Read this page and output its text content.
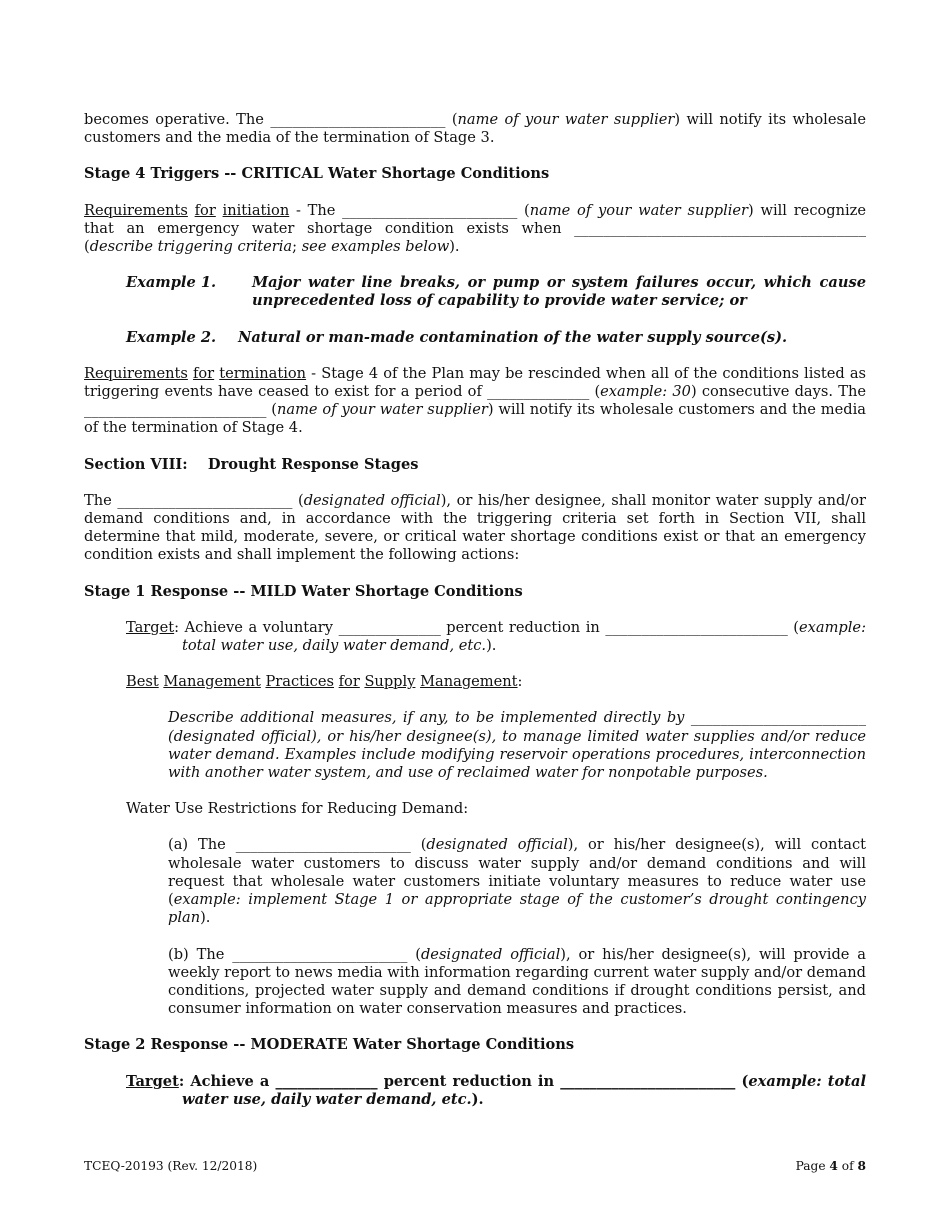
becomes operative. The ________________________ (name of your water supplier) will notify its wholesale customers and the media of the termination of Stage 3.

Stage 4 Triggers -- CRITICAL Water Shortage Conditions

Requirements for initiation - The ________________________ (name of your water supplier) will recognize that an emergency water shortage condition exists when ________________________________________ (describe triggering criteria; see examples below).

Example 1.	Major water line breaks, or pump or system failures occur, which cause unprecedented loss of capability to provide water service; or
Example 2.	Natural or man-made contamination of the water supply source(s).

Requirements for termination - Stage 4 of the Plan may be rescinded when all of the conditions listed as triggering events have ceased to exist for a period of ______________ (example: 30) consecutive days. The _________________________ (name of your water supplier) will notify its wholesale customers and the media of the termination of Stage 4.

Section VIII:    Drought Response Stages

The ________________________ (designated official), or his/her designee, shall monitor water supply and/or demand conditions and, in accordance with the triggering criteria set forth in Section VII, shall determine that mild, moderate, severe, or critical water shortage conditions exist or that an emergency condition exists and shall implement the following actions:

Stage 1 Response -- MILD Water Shortage Conditions

Target: Achieve a voluntary ______________ percent reduction in _________________________ (example: total water use, daily water demand, etc.).

Best Management Practices for Supply Management:

Describe additional measures, if any, to be implemented directly by ________________________ (designated official), or his/her designee(s), to manage limited water supplies and/or reduce water demand. Examples include modifying reservoir operations procedures, interconnection with another water system, and use of reclaimed water for nonpotable purposes.

Water Use Restrictions for Reducing Demand:

(a) The ________________________ (designated official), or his/her designee(s), will contact wholesale water customers to discuss water supply and/or demand conditions and will request that wholesale water customers initiate voluntary measures to reduce water use (example: implement Stage 1 or appropriate stage of the customer’s drought contingency plan).

(b) The ________________________ (designated official), or his/her designee(s), will provide a weekly report to news media with information regarding current water supply and/or demand conditions, projected water supply and demand conditions if drought conditions persist, and consumer information on water conservation measures and practices.

Stage 2 Response -- MODERATE Water Shortage Conditions

Target: Achieve a ______________ percent reduction in ________________________ (example: total water use, daily water demand, etc.).

TCEQ-20193 (Rev. 12/2018)	Page 4 of 8
